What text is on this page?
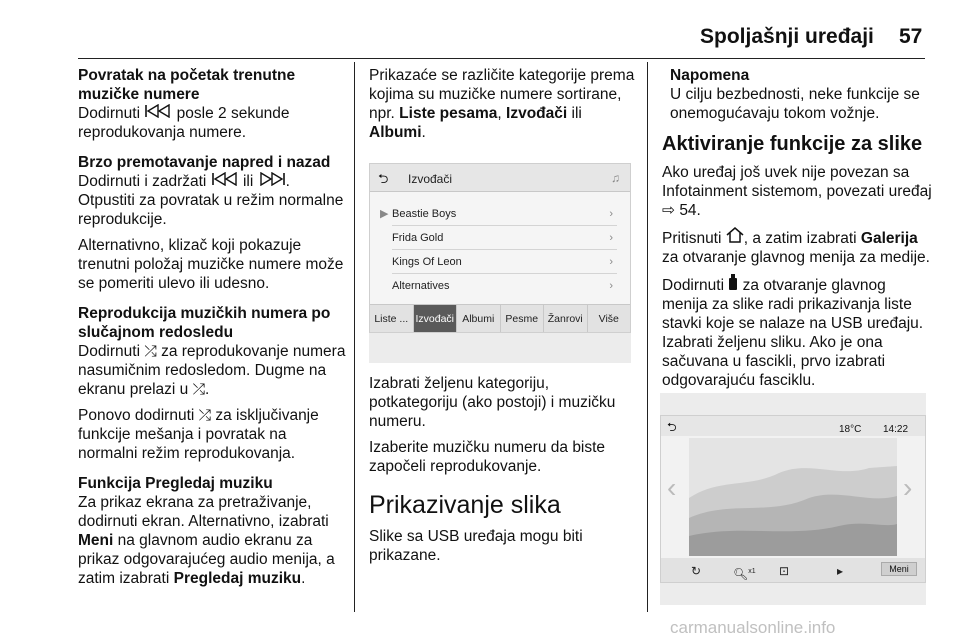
Spoljašnji uređaji 57

Povratak na početak trenutne muzičke numere

Dodirnuti posle 2 sekunde reprodukovanja numere.

Brzo premotavanje napred i nazad

Dodirnuti i zadržati ili . Otpustiti za povratak u režim normalne reprodukcije.

Alternativno, klizač koji pokazuje trenutni položaj muzičke numere može se pomeriti ulevo ili udesno.

Reprodukcija muzičkih numera po slučajnom redosledu

Dodirnuti ⤮ za reprodukovanje numera nasumičnim redosledom. Dugme na ekranu prelazi u ⤮.

Ponovo dodirnuti ⤮ za isključivanje funkcije mešanja i povratak na normalni režim reprodukovanja.

Funkcija Pregledaj muziku

Za prikaz ekrana za pretraživanje, dodirnuti ekran. Alternativno, izabrati Meni na glavnom audio ekranu za prikaz odgovarajućeg audio menija, a zatim izabrati Pregledaj muziku.

Prikazaće se različite kategorije prema kojima su muzičke numere sortirane, npr. Liste pesama, Izvođači ili Albumi.

⮌ Izvođači	♫
▶ Beastie Boys	›
Frida Gold	›
Kings Of Leon	›
Alternatives	›
Liste ... Izvođači Albumi	Pesme Žanrovi	Više

Izabrati željenu kategoriju, potkategoriju (ako postoji) i muzičku numeru.

Izaberite muzičku numeru da biste započeli reprodukovanje.

Prikazivanje slika

Slike sa USB uređaja mogu biti prikazane.

Napomena
U cilju bezbednosti, neke funkcije se onemogućavaju tokom vožnje.

Aktiviranje funkcije za slike

Ako uređaj još uvek nije povezan sa Infotainment sistemom, povezati uređaj ⇨ 54.

Pritisnuti , a zatim izabrati Galerija za otvaranje glavnog menija za medije.

Dodirnuti za otvaranje glavnog menija za slike radi prikazivanja liste stavki koje se nalaze na USB uređaju. Izabrati željenu sliku. Ako je ona sačuvana u fascikli, prvo izabrati odgovarajuću fasciklu.

⮌	18°C 14:22
‹	›
↻	🔍︎$^{x1}$ ⊡	▸	Meni
carmanualsonline.info
